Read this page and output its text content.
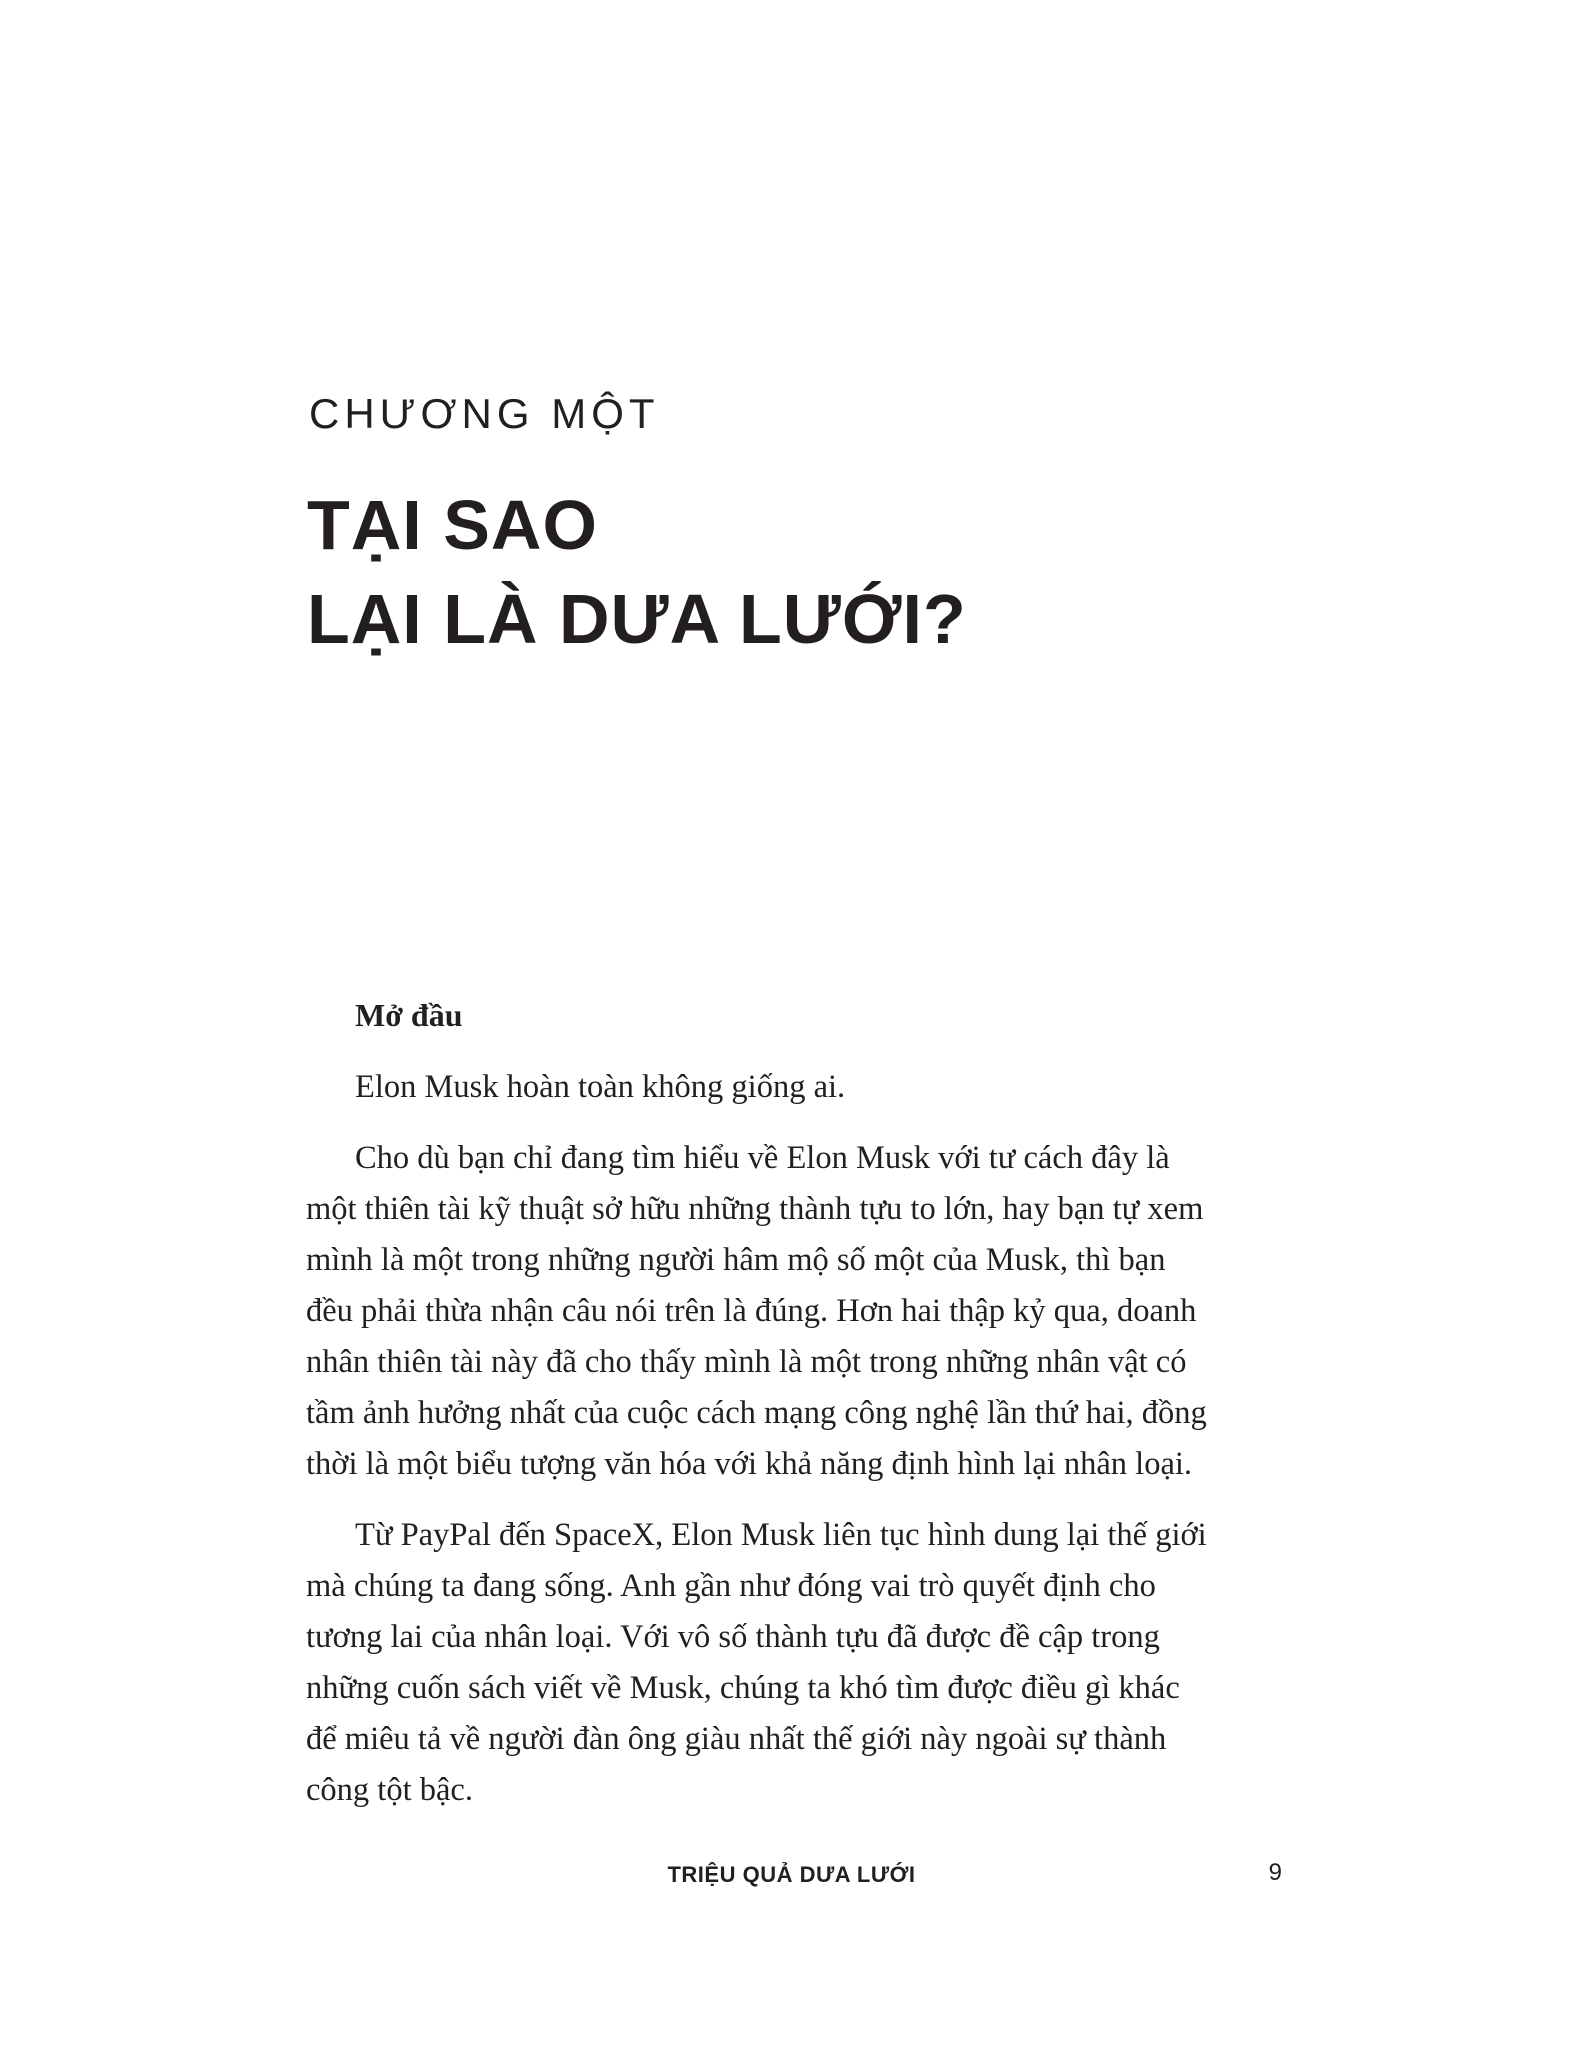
CHƯƠNG MỘT

TẠI SAO
LẠI LÀ DƯA LƯỚI?

Mở đầu

Elon Musk hoàn toàn không giống ai.

Cho dù bạn chỉ đang tìm hiểu về Elon Musk với tư cách đây là
một thiên tài kỹ thuật sở hữu những thành tựu to lớn, hay bạn tự xem
mình là một trong những người hâm mộ số một của Musk, thì bạn
đều phải thừa nhận câu nói trên là đúng. Hơn hai thập kỷ qua, doanh
nhân thiên tài này đã cho thấy mình là một trong những nhân vật có
tầm ảnh hưởng nhất của cuộc cách mạng công nghệ lần thứ hai, đồng
thời là một biểu tượng văn hóa với khả năng định hình lại nhân loại.

Từ PayPal đến SpaceX, Elon Musk liên tục hình dung lại thế giới
mà chúng ta đang sống. Anh gần như đóng vai trò quyết định cho
tương lai của nhân loại. Với vô số thành tựu đã được đề cập trong
những cuốn sách viết về Musk, chúng ta khó tìm được điều gì khác
để miêu tả về người đàn ông giàu nhất thế giới này ngoài sự thành
công tột bậc.

TRIỆU QUẢ DƯA LƯỚI	9
